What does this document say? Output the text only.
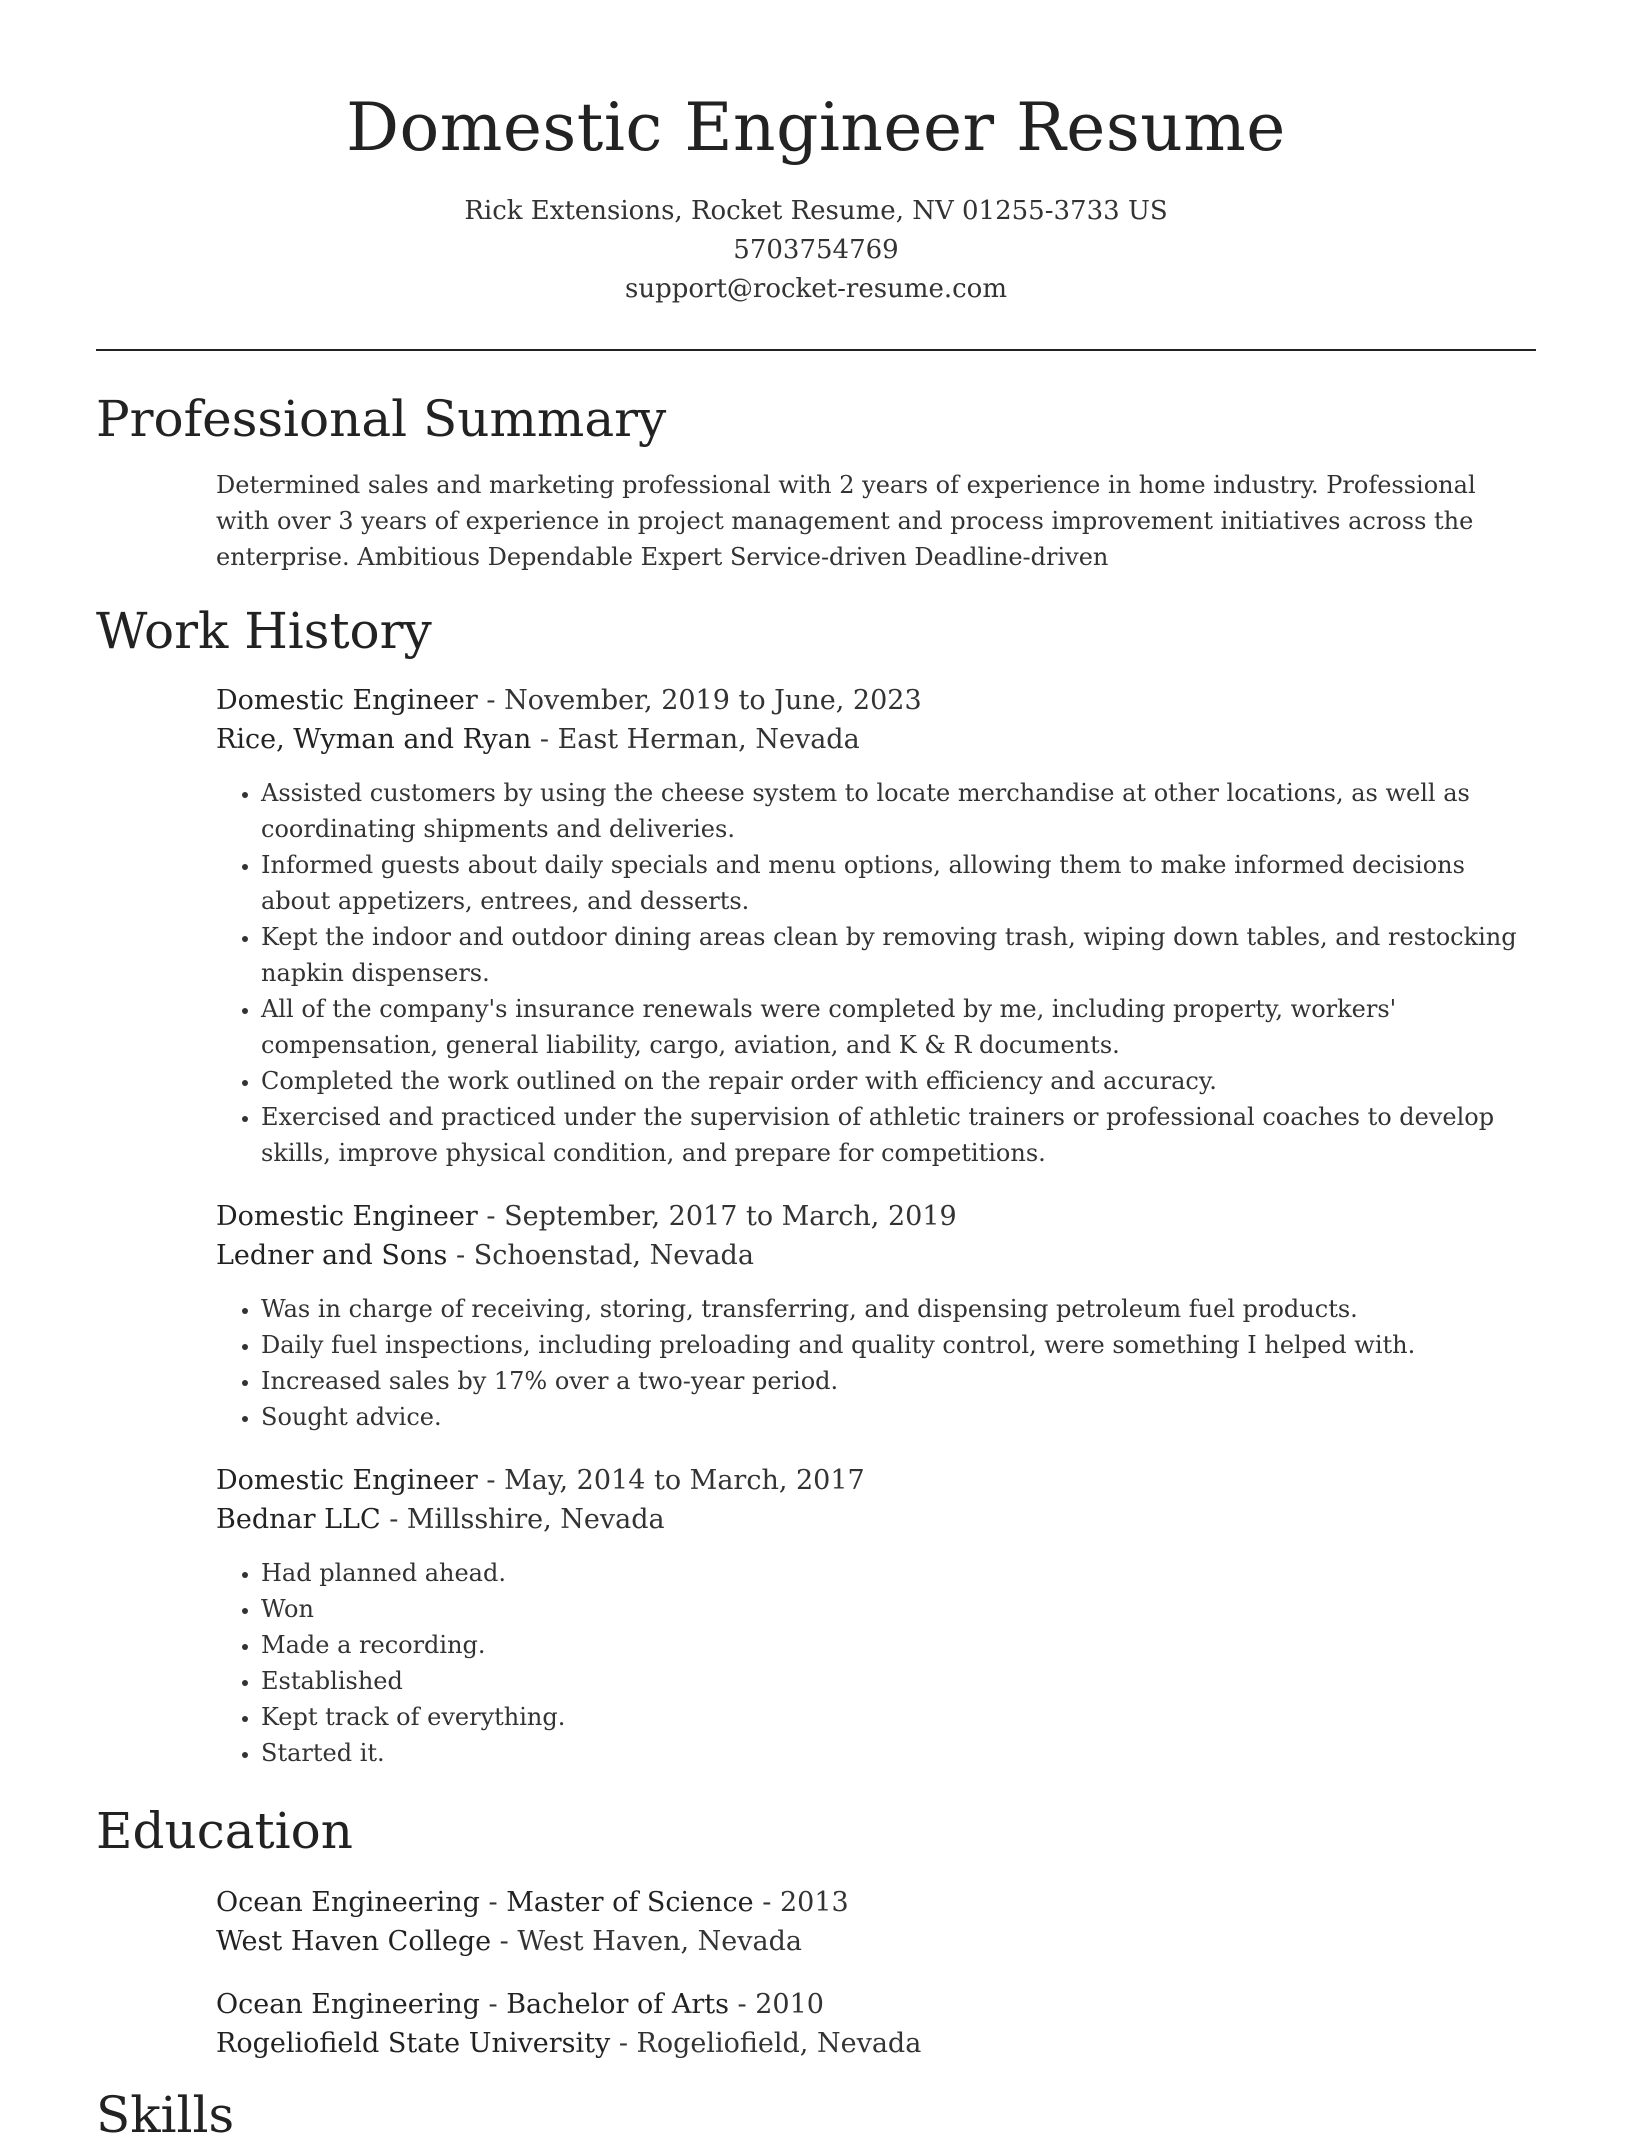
Domestic Engineer Resume
Rick Extensions, Rocket Resume, NV 01255-3733 US
5703754769
support@rocket-resume.com
Professional Summary
Determined sales and marketing professional with 2 years of experience in home industry. Professional with over 3 years of experience in project management and process improvement initiatives across the enterprise. Ambitious Dependable Expert Service-driven Deadline-driven
Work History
Domestic Engineer - November, 2019 to June, 2023
Rice, Wyman and Ryan - East Herman, Nevada
• Assisted customers by using the cheese system to locate merchandise at other locations, as well as coordinating shipments and deliveries.
• Informed guests about daily specials and menu options, allowing them to make informed decisions about appetizers, entrees, and desserts.
• Kept the indoor and outdoor dining areas clean by removing trash, wiping down tables, and restocking napkin dispensers.
• All of the company's insurance renewals were completed by me, including property, workers' compensation, general liability, cargo, aviation, and K & R documents.
• Completed the work outlined on the repair order with efficiency and accuracy.
• Exercised and practiced under the supervision of athletic trainers or professional coaches to develop skills, improve physical condition, and prepare for competitions.
Domestic Engineer - September, 2017 to March, 2019
Ledner and Sons - Schoenstad, Nevada
• Was in charge of receiving, storing, transferring, and dispensing petroleum fuel products.
• Daily fuel inspections, including preloading and quality control, were something I helped with.
• Increased sales by 17% over a two-year period.
• Sought advice.
Domestic Engineer - May, 2014 to March, 2017
Bednar LLC - Millsshire, Nevada
• Had planned ahead.
• Won
• Made a recording.
• Established
• Kept track of everything.
• Started it.
Education
Ocean Engineering - Master of Science - 2013
West Haven College - West Haven, Nevada
Ocean Engineering - Bachelor of Arts - 2010
Rogeliofield State University - Rogeliofield, Nevada
Skills
